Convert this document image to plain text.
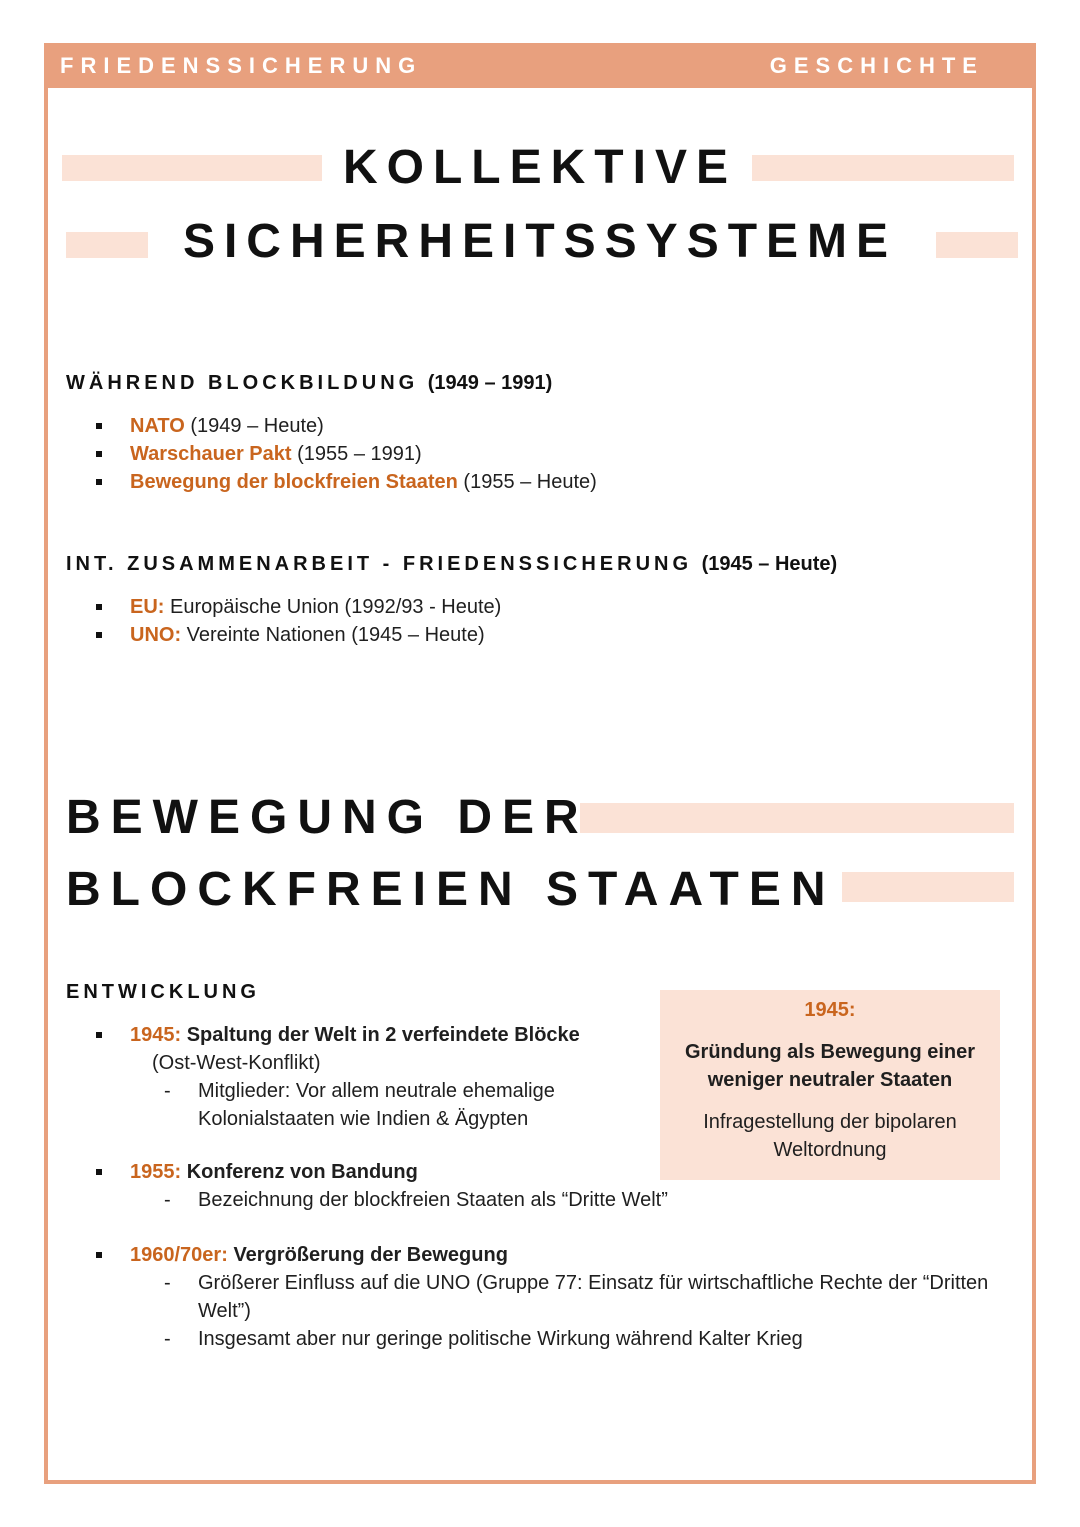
FRIEDENSSICHERUNG	GESCHICHTE
KOLLEKTIVE
SICHERHEITSSYSTEME
WÄHREND BLOCKBILDUNG (1949 – 1991)
NATO (1949 – Heute)
Warschauer Pakt (1955 – 1991)
Bewegung der blockfreien Staaten (1955 – Heute)
INT. ZUSAMMENARBEIT - FRIEDENSSICHERUNG (1945 – Heute)
EU: Europäische Union (1992/93 - Heute)
UNO: Vereinte Nationen (1945 – Heute)
BEWEGUNG DER
BLOCKFREIEN STAATEN
ENTWICKLUNG
1945:
Gründung als Bewegung einer weniger neutraler Staaten
Infragestellung der bipolaren Weltordnung
1945: Spaltung der Welt in 2 verfeindete Blöcke
(Ost-West-Konflikt)
- Mitglieder: Vor allem neutrale ehemalige Kolonialstaaten wie Indien & Ägypten
1955: Konferenz von Bandung
- Bezeichnung der blockfreien Staaten als “Dritte Welt”
1960/70er: Vergrößerung der Bewegung
- Größerer Einfluss auf die UNO (Gruppe 77: Einsatz für wirtschaftliche Rechte der “Dritten Welt”)
- Insgesamt aber nur geringe politische Wirkung während Kalter Krieg
